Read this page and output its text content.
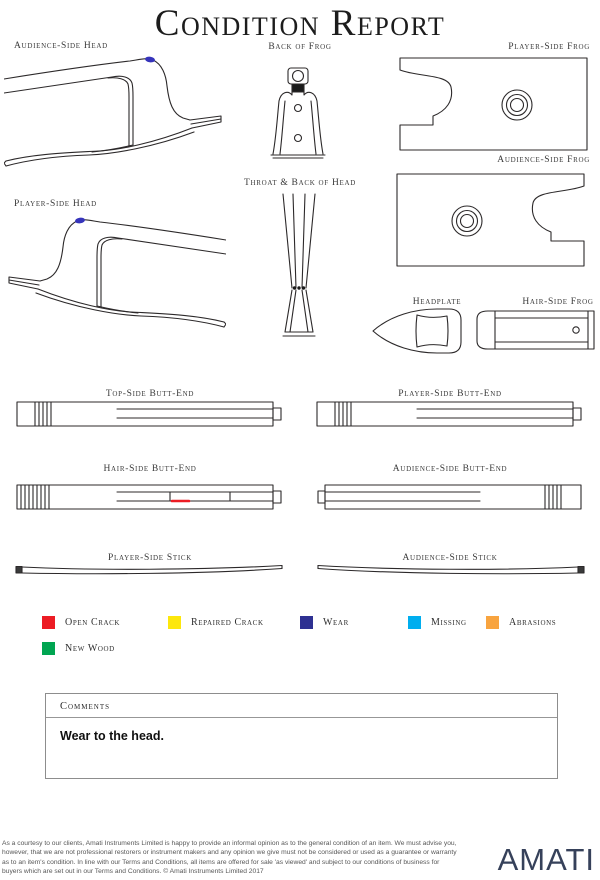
Condition Report
Audience-Side Head	Back of Frog	Player-Side Frog
Audience-Side Frog
Player-Side Head
Throat & Back of Head
Headplate	Hair-Side Frog
Top-Side Butt-End	Player-Side Butt-End
Hair-Side Butt-End	Audience-Side Butt-End
Player-Side Stick	Audience-Side Stick
Open Crack	Repaired Crack	Wear	Missing	Abrasions
New Wood
Comments
Wear to the head.
As a courtesy to our clients, Amati Instruments Limited is happy to provide an informal opinion as to the general condition of an item. We must advise you, however, that we are not professional restorers or instrument makers and any opinion we give must not be considered or used as a guarantee or warranty as to an item's condition. In line with our Terms and Conditions, all items are offered for sale 'as viewed' and subject to our conditions of business for buyers which are set out in our Terms and Conditions. © Amati Instruments Limited 2017	AMATI
